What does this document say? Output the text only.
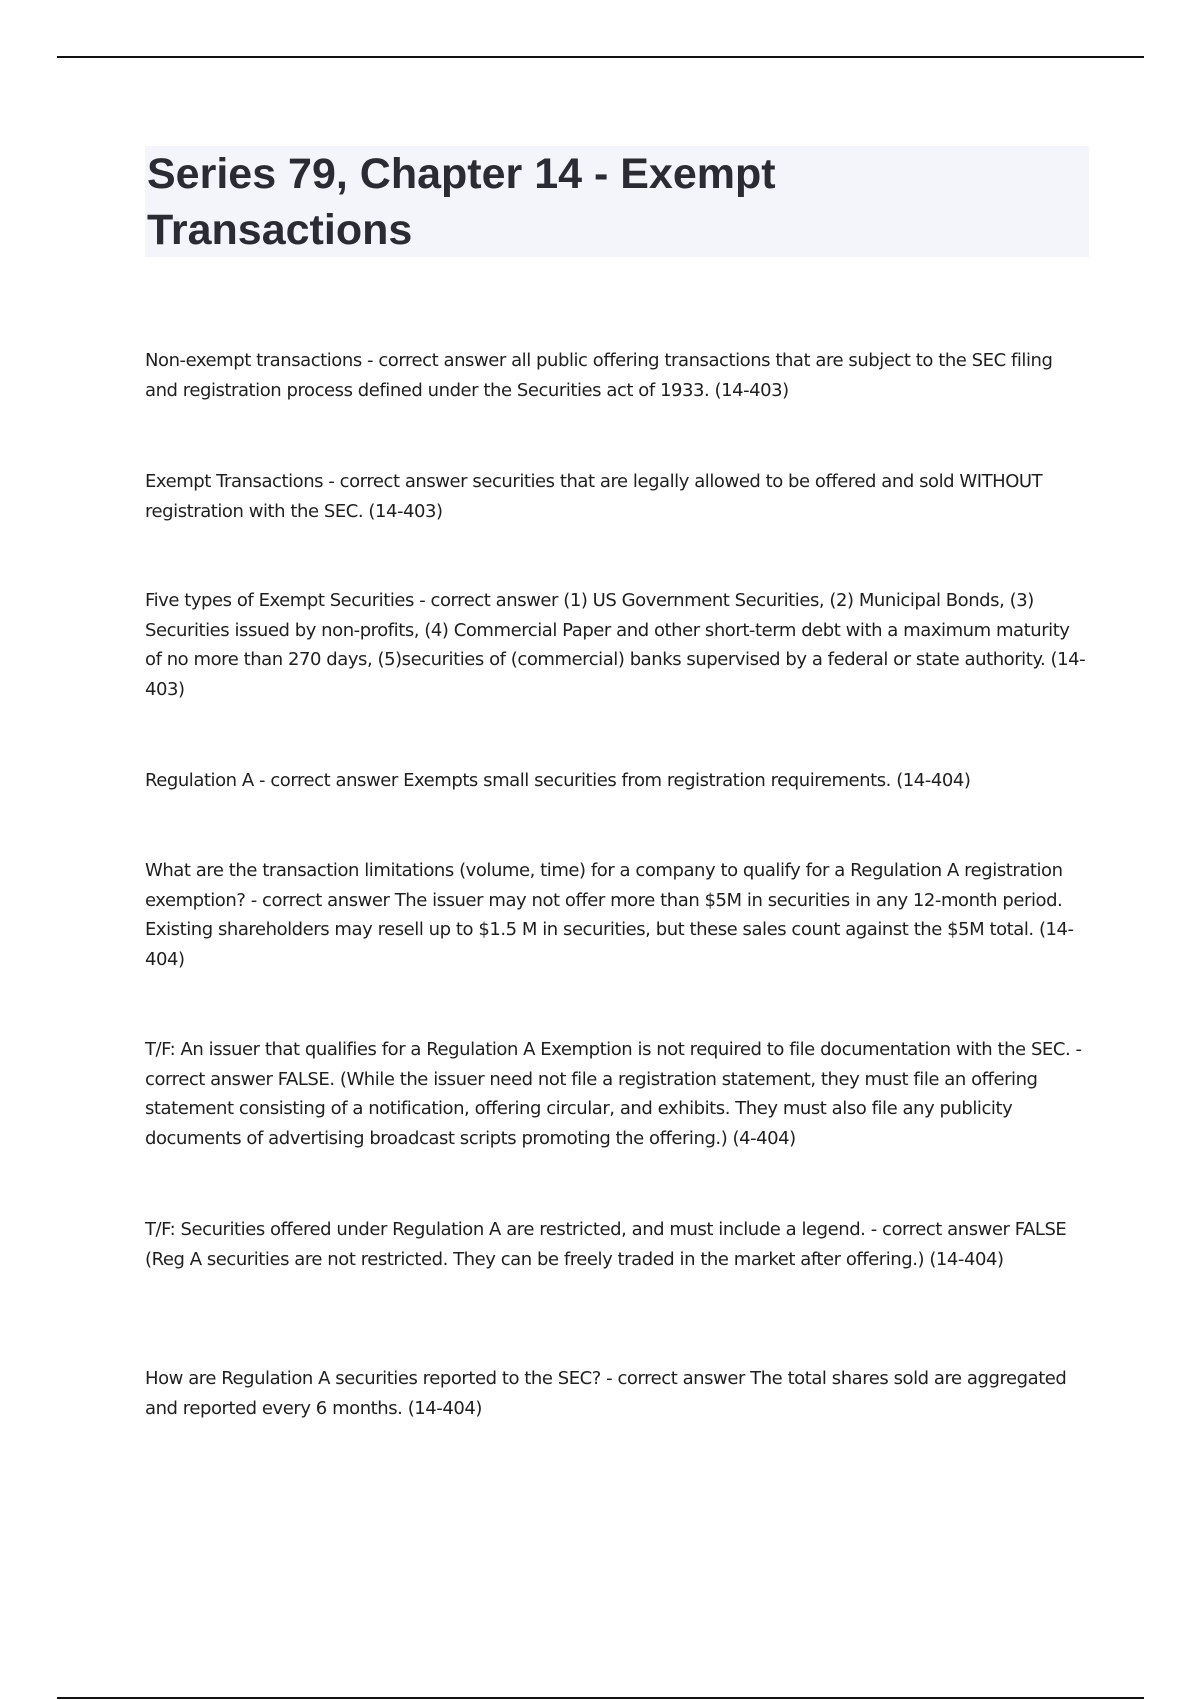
Series 79, Chapter 14 - Exempt Transactions

Non-exempt transactions - correct answer all public offering transactions that are subject to the SEC filing and registration process defined under the Securities act of 1933. (14-403)

Exempt Transactions - correct answer securities that are legally allowed to be offered and sold WITHOUT registration with the SEC. (14-403)

Five types of Exempt Securities - correct answer (1) US Government Securities, (2) Municipal Bonds, (3) Securities issued by non-profits, (4) Commercial Paper and other short-term debt with a maximum maturity of no more than 270 days, (5)securities of (commercial) banks supervised by a federal or state authority. (14-403)

Regulation A - correct answer Exempts small securities from registration requirements. (14-404)

What are the transaction limitations (volume, time) for a company to qualify for a Regulation A registration exemption? - correct answer The issuer may not offer more than $5M in securities in any 12-month period. Existing shareholders may resell up to $1.5 M in securities, but these sales count against the $5M total. (14-404)

T/F: An issuer that qualifies for a Regulation A Exemption is not required to file documentation with the SEC. - correct answer FALSE. (While the issuer need not file a registration statement, they must file an offering statement consisting of a notification, offering circular, and exhibits. They must also file any publicity documents of advertising broadcast scripts promoting the offering.) (4-404)

T/F: Securities offered under Regulation A are restricted, and must include a legend. - correct answer FALSE (Reg A securities are not restricted. They can be freely traded in the market after offering.) (14-404)

How are Regulation A securities reported to the SEC? - correct answer The total shares sold are aggregated and reported every 6 months. (14-404)
